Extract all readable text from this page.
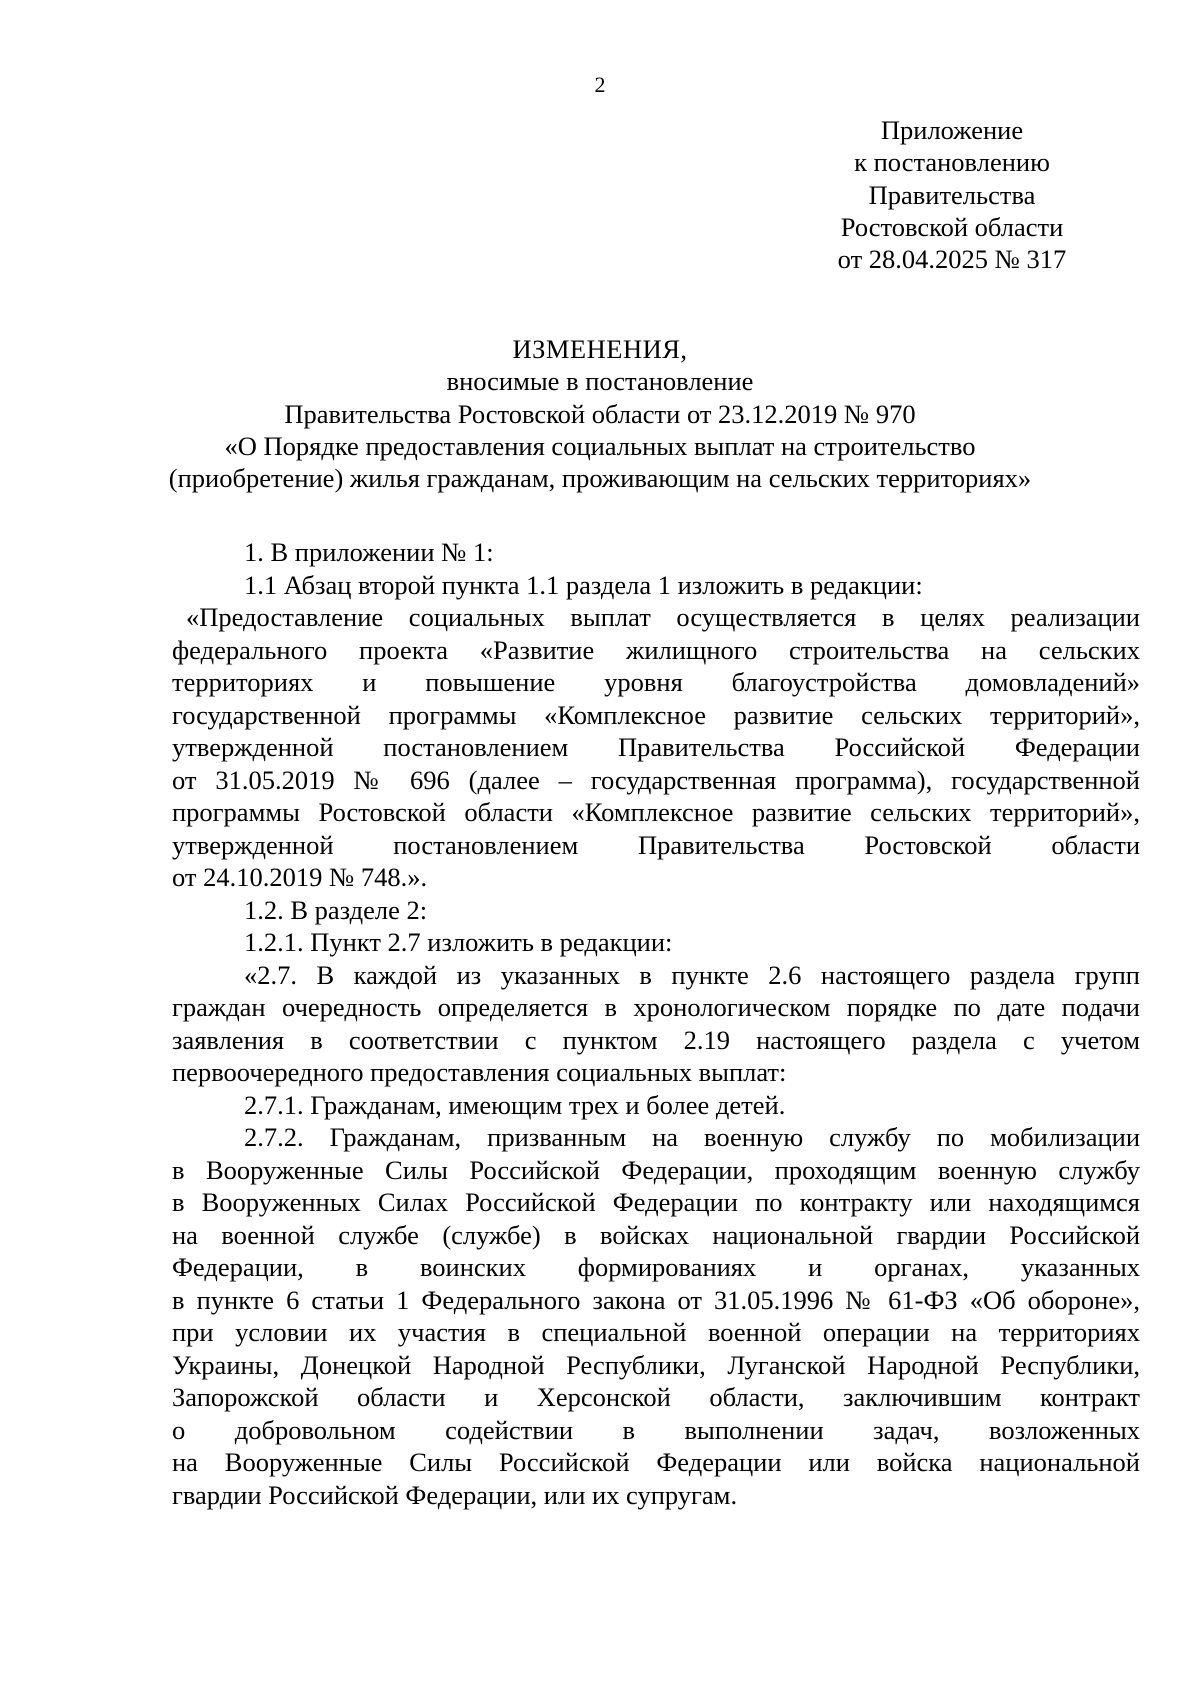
2
Приложение
к постановлению
Правительства
Ростовской области
от 28.04.2025 № 317
ИЗМЕНЕНИЯ,
вносимые в постановление
Правительства Ростовской области от 23.12.2019 № 970
«О Порядке предоставления социальных выплат на строительство
(приобретение) жилья гражданам, проживающим на сельских территориях»
1. В приложении № 1:
1.1 Абзац второй пункта 1.1 раздела 1 изложить в редакции:
«Предоставление социальных выплат осуществляется в целях реализации
федерального проекта «Развитие жилищного строительства на сельских
территориях и повышение уровня благоустройства домовладений»
государственной программы «Комплексное развитие сельских территорий»,
утвержденной постановлением Правительства Российской Федерации
от 31.05.2019 № 696 (далее – государственная программа), государственной
программы Ростовской области «Комплексное развитие сельских территорий»,
утвержденной постановлением Правительства Ростовской области
от 24.10.2019 № 748.».
1.2. В разделе 2:
1.2.1. Пункт 2.7 изложить в редакции:
«2.7. В каждой из указанных в пункте 2.6 настоящего раздела групп
граждан очередность определяется в хронологическом порядке по дате подачи
заявления в соответствии с пунктом 2.19 настоящего раздела с учетом
первоочередного предоставления социальных выплат:
2.7.1. Гражданам, имеющим трех и более детей.
2.7.2. Гражданам, призванным на военную службу по мобилизации
в Вооруженные Силы Российской Федерации, проходящим военную службу
в Вооруженных Силах Российской Федерации по контракту или находящимся
на военной службе (службе) в войсках национальной гвардии Российской
Федерации, в воинских формированиях и органах, указанных
в пункте 6 статьи 1 Федерального закона от 31.05.1996 № 61-ФЗ «Об обороне»,
при условии их участия в специальной военной операции на территориях
Украины, Донецкой Народной Республики, Луганской Народной Республики,
Запорожской области и Херсонской области, заключившим контракт
о добровольном содействии в выполнении задач, возложенных
на Вооруженные Силы Российской Федерации или войска национальной
гвардии Российской Федерации, или их супругам.
